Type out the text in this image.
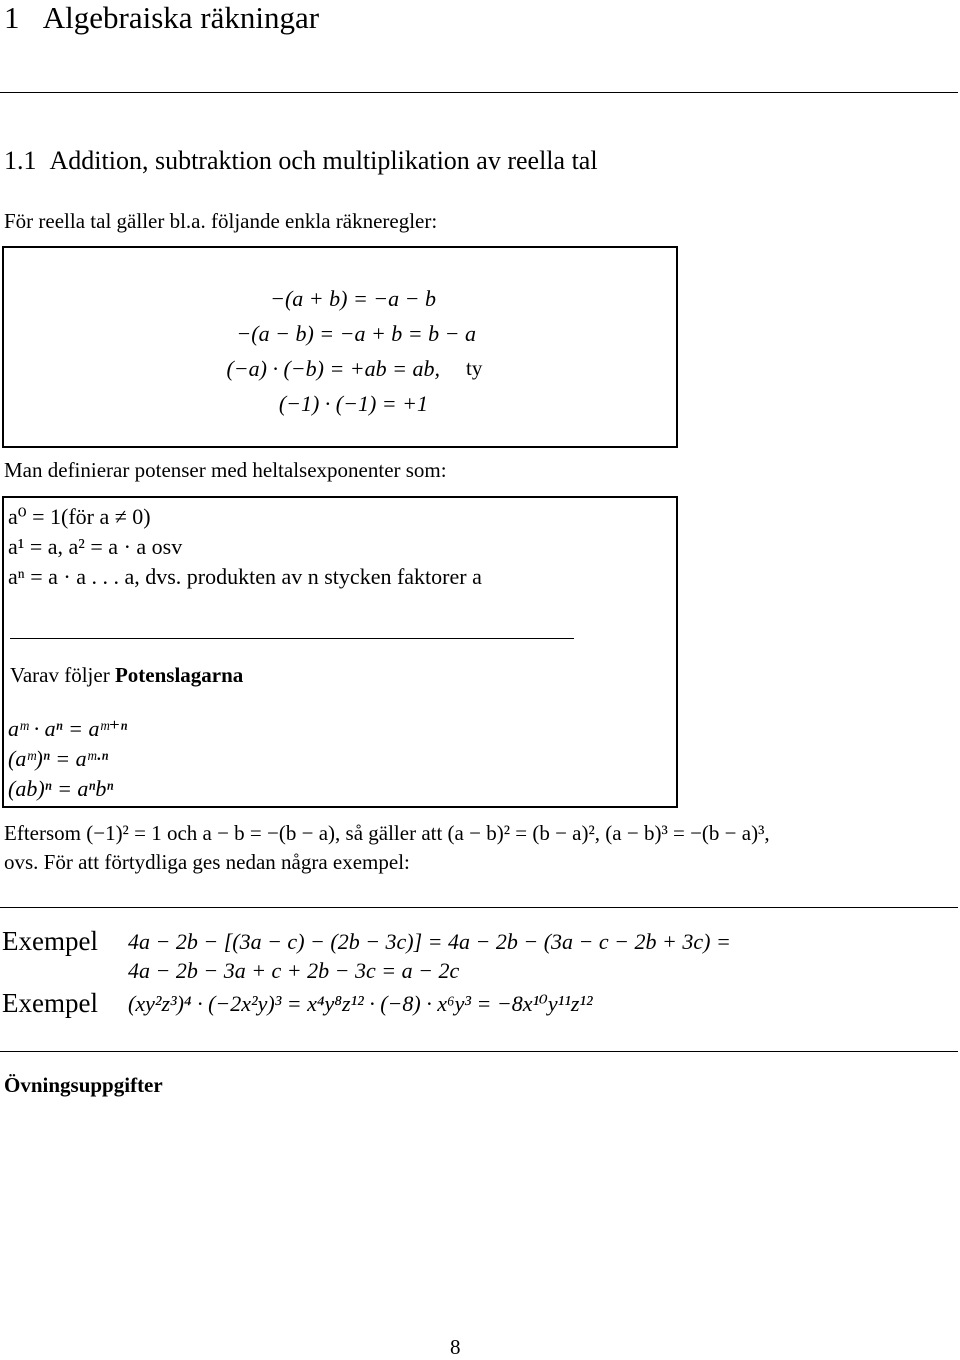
1 Algebraiska räkningar
1.1 Addition, subtraktion och multiplikation av reella tal
För reella tal gäller bl.a. följande enkla räkneregler:
−(a + b) = −a − b
−(a − b) = −a + b = b − a
(−a) · (−b) = +ab = ab, ty
(−1) · (−1) = +1
Man definierar potenser med heltalsexponenter som:
a⁰ = 1(för a ≠ 0)
a¹ = a, a² = a · a osv
aⁿ = a · a . . . a, dvs. produkten av n stycken faktorer a
Varav följer Potenslagarna
aᵐ · aⁿ = aᵐ⁺ⁿ
(aᵐ)ⁿ = aᵐ·ⁿ
(ab)ⁿ = aⁿbⁿ
Eftersom (−1)² = 1 och a − b = −(b − a), så gäller att (a − b)² = (b − a)², (a − b)³ = −(b − a)³,
ovs. För att förtydliga ges nedan några exempel:
Exempel 4a − 2b − [(3a − c) − (2b − 3c)] = 4a − 2b − (3a − c − 2b + 3c) =
4a − 2b − 3a + c + 2b − 3c = a − 2c
Exempel (xy²z³)⁴ · (−2x²y)³ = x⁴y⁸z¹² · (−8) · x⁶y³ = −8x¹⁰y¹¹z¹²
Övningsuppgifter
8
